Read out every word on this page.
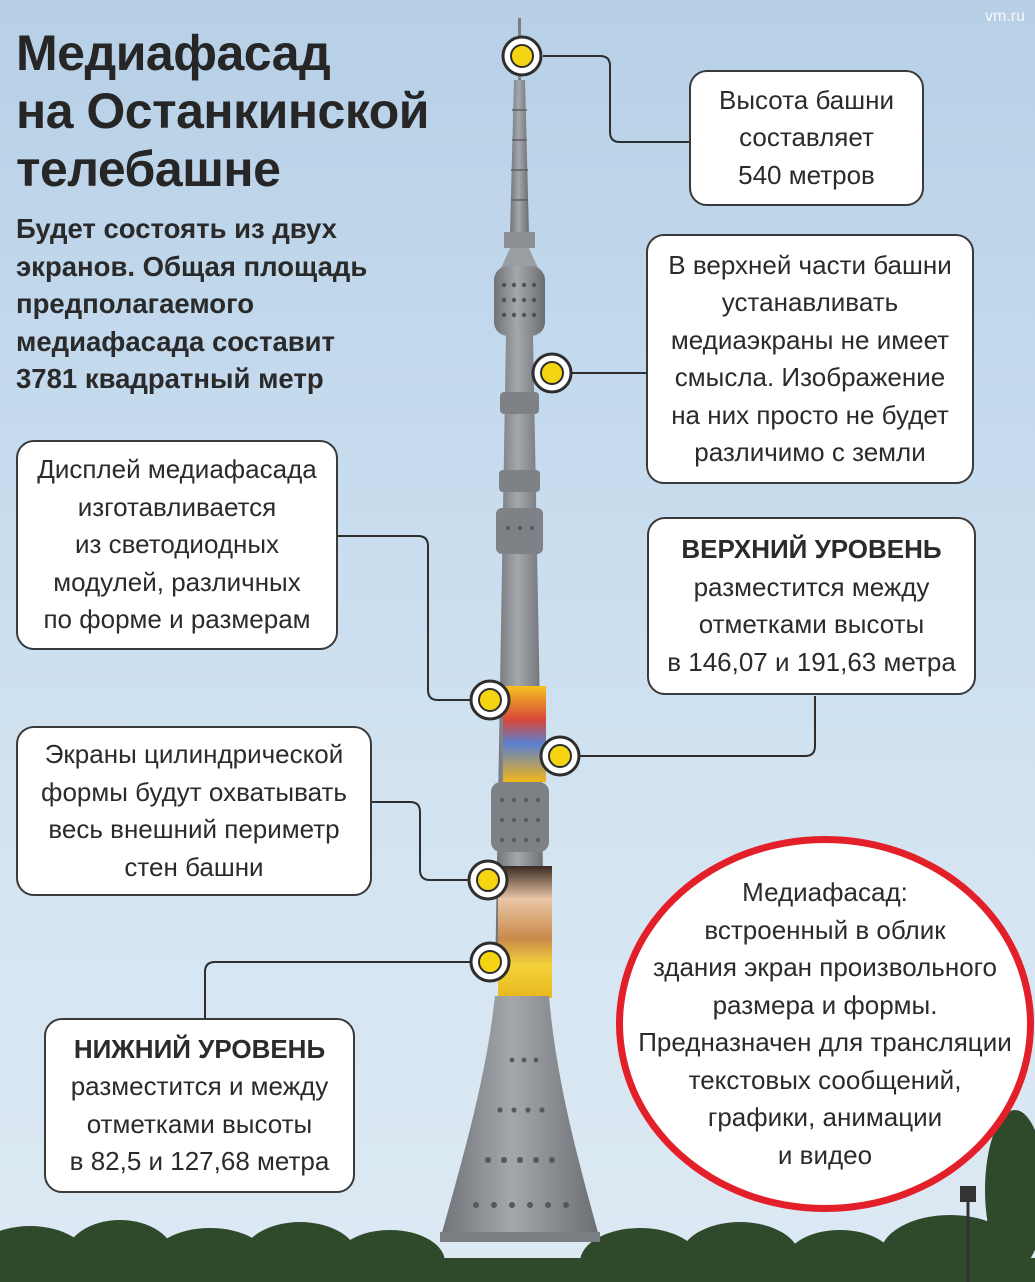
vm.ru
Медиафасад
на Останкинской
телебашне
Будет состоять из двух
экранов. Общая площадь
предполагаемого
медиафасада составит
3781 квадратный метр
Высота башни
составляет
540 метров
В верхней части башни
устанавливать
медиаэкраны не имеет
смысла. Изображение
на них просто не будет
различимо с земли
Дисплей медиафасада
изготавливается
из светодиодных
модулей, различных
по форме и размерам
ВЕРХНИЙ УРОВЕНЬ
разместится между
отметками высоты
в 146,07 и 191,63 метра
Экраны цилиндрической
формы будут охватывать
весь внешний периметр
стен башни
НИЖНИЙ УРОВЕНЬ
разместится и между
отметками высоты
в 82,5 и 127,68 метра
Медиафасад:
встроенный в облик
здания экран произвольного
размера и формы.
Предназначен для трансляции
текстовых сообщений,
графики, анимации
и видео
